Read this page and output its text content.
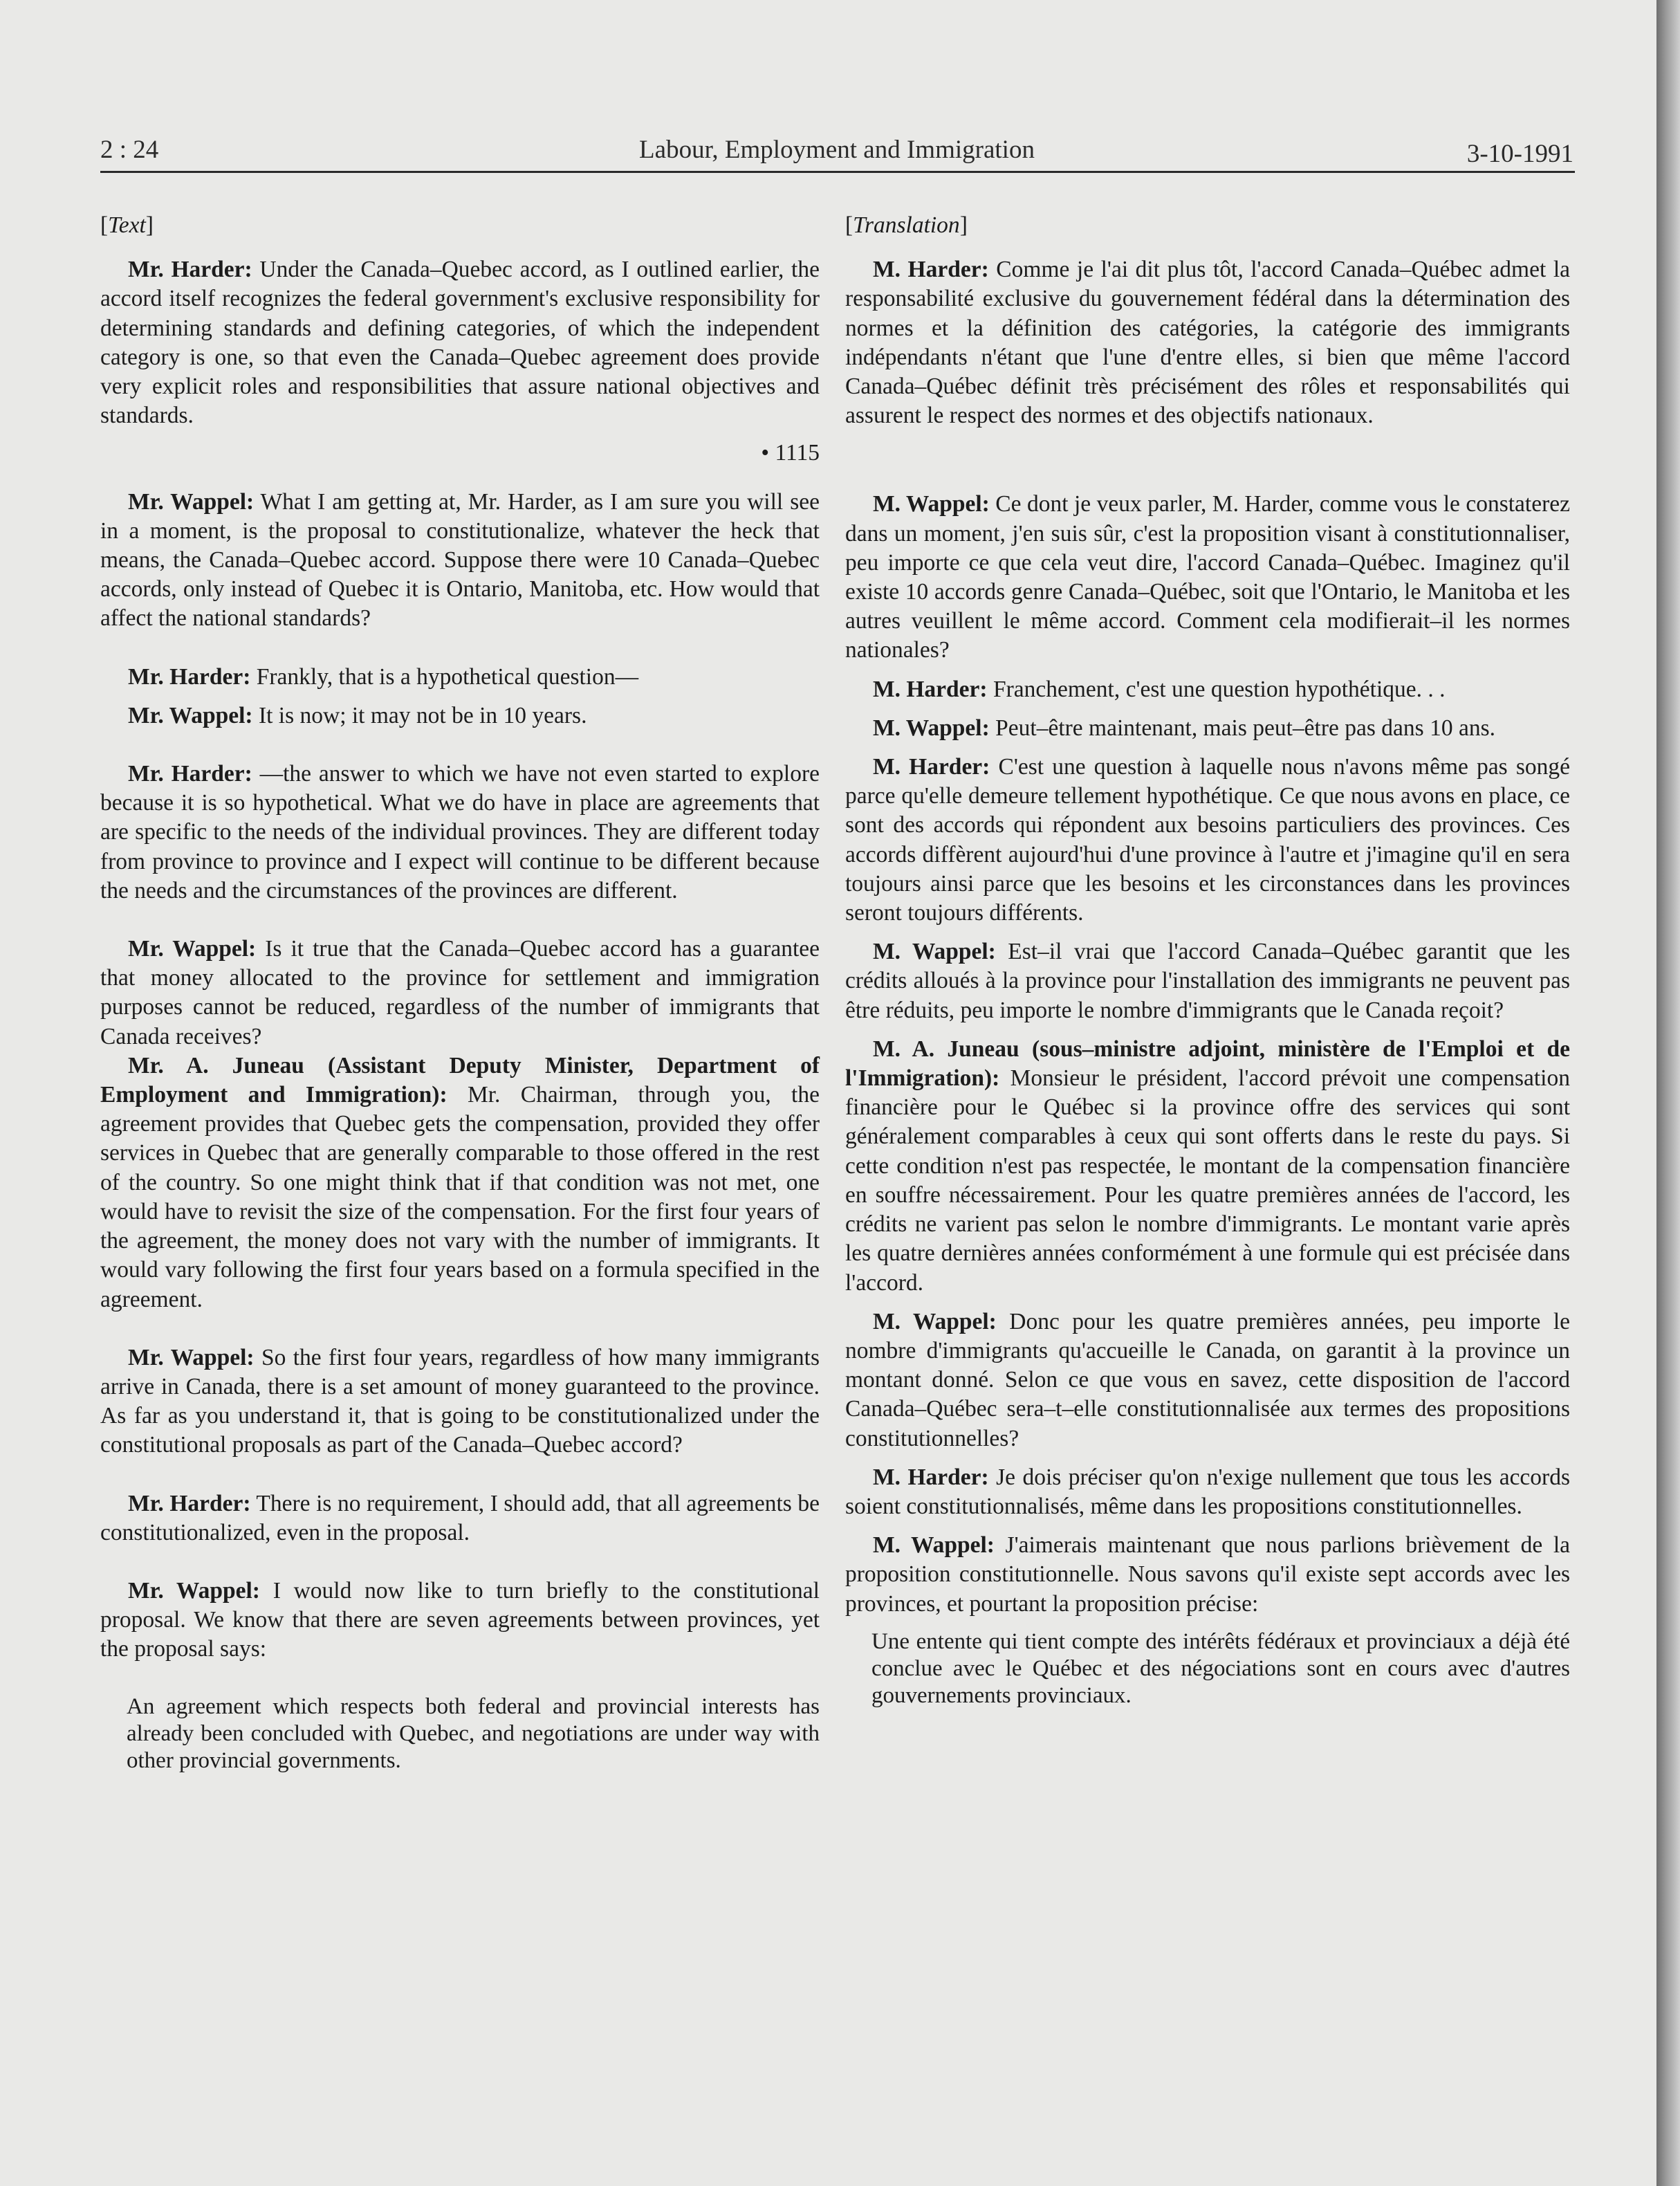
2 : 24	Labour, Employment and Immigration	3-10-1991
[Text]

Mr. Harder: Under the Canada–Quebec accord, as I outlined earlier, the accord itself recognizes the federal government's exclusive responsibility for determining standards and defining categories, of which the independent category is one, so that even the Canada–Quebec agreement does provide very explicit roles and responsibilities that assure national objectives and standards.

• 1115

Mr. Wappel: What I am getting at, Mr. Harder, as I am sure you will see in a moment, is the proposal to constitutionalize, whatever the heck that means, the Canada–Quebec accord. Suppose there were 10 Canada–Quebec accords, only instead of Quebec it is Ontario, Manitoba, etc. How would that affect the national standards?

Mr. Harder: Frankly, that is a hypothetical question—

Mr. Wappel: It is now; it may not be in 10 years.

Mr. Harder: —the answer to which we have not even started to explore because it is so hypothetical. What we do have in place are agreements that are specific to the needs of the individual provinces. They are different today from province to province and I expect will continue to be different because the needs and the circumstances of the provinces are different.

Mr. Wappel: Is it true that the Canada–Quebec accord has a guarantee that money allocated to the province for settlement and immigration purposes cannot be reduced, regardless of the number of immigrants that Canada receives?

Mr. A. Juneau (Assistant Deputy Minister, Department of Employment and Immigration): Mr. Chairman, through you, the agreement provides that Quebec gets the compensation, provided they offer services in Quebec that are generally comparable to those offered in the rest of the country. So one might think that if that condition was not met, one would have to revisit the size of the compensation. For the first four years of the agreement, the money does not vary with the number of immigrants. It would vary following the first four years based on a formula specified in the agreement.

Mr. Wappel: So the first four years, regardless of how many immigrants arrive in Canada, there is a set amount of money guaranteed to the province. As far as you understand it, that is going to be constitutionalized under the constitutional proposals as part of the Canada–Quebec accord?

Mr. Harder: There is no requirement, I should add, that all agreements be constitutionalized, even in the proposal.

Mr. Wappel: I would now like to turn briefly to the constitutional proposal. We know that there are seven agreements between provinces, yet the proposal says:

An agreement which respects both federal and provincial interests has already been concluded with Quebec, and negotiations are under way with other provincial governments.
[Translation]

M. Harder: Comme je l'ai dit plus tôt, l'accord Canada–Québec admet la responsabilité exclusive du gouvernement fédéral dans la détermination des normes et la définition des catégories, la catégorie des immigrants indépendants n'étant que l'une d'entre elles, si bien que même l'accord Canada–Québec définit très précisément des rôles et responsabilités qui assurent le respect des normes et des objectifs nationaux.

M. Wappel: Ce dont je veux parler, M. Harder, comme vous le constaterez dans un moment, j'en suis sûr, c'est la proposition visant à constitutionnaliser, peu importe ce que cela veut dire, l'accord Canada–Québec. Imaginez qu'il existe 10 accords genre Canada–Québec, soit que l'Ontario, le Manitoba et les autres veuillent le même accord. Comment cela modifierait–il les normes nationales?

M. Harder: Franchement, c'est une question hypothétique. . .

M. Wappel: Peut–être maintenant, mais peut–être pas dans 10 ans.

M. Harder: C'est une question à laquelle nous n'avons même pas songé parce qu'elle demeure tellement hypothétique. Ce que nous avons en place, ce sont des accords qui répondent aux besoins particuliers des provinces. Ces accords diffèrent aujourd'hui d'une province à l'autre et j'imagine qu'il en sera toujours ainsi parce que les besoins et les circonstances dans les provinces seront toujours différents.

M. Wappel: Est–il vrai que l'accord Canada–Québec garantit que les crédits alloués à la province pour l'installation des immigrants ne peuvent pas être réduits, peu importe le nombre d'immigrants que le Canada reçoit?

M. A. Juneau (sous–ministre adjoint, ministère de l'Emploi et de l'Immigration): Monsieur le président, l'accord prévoit une compensation financière pour le Québec si la province offre des services qui sont généralement comparables à ceux qui sont offerts dans le reste du pays. Si cette condition n'est pas respectée, le montant de la compensation financière en souffre nécessairement. Pour les quatre premières années de l'accord, les crédits ne varient pas selon le nombre d'immigrants. Le montant varie après les quatre dernières années conformément à une formule qui est précisée dans l'accord.

M. Wappel: Donc pour les quatre premières années, peu importe le nombre d'immigrants qu'accueille le Canada, on garantit à la province un montant donné. Selon ce que vous en savez, cette disposition de l'accord Canada–Québec sera–t–elle constitutionnalisée aux termes des propositions constitutionnelles?

M. Harder: Je dois préciser qu'on n'exige nullement que tous les accords soient constitutionnalisés, même dans les propositions constitutionnelles.

M. Wappel: J'aimerais maintenant que nous parlions brièvement de la proposition constitutionnelle. Nous savons qu'il existe sept accords avec les provinces, et pourtant la proposition précise:

Une entente qui tient compte des intérêts fédéraux et provinciaux a déjà été conclue avec le Québec et des négociations sont en cours avec d'autres gouvernements provinciaux.
